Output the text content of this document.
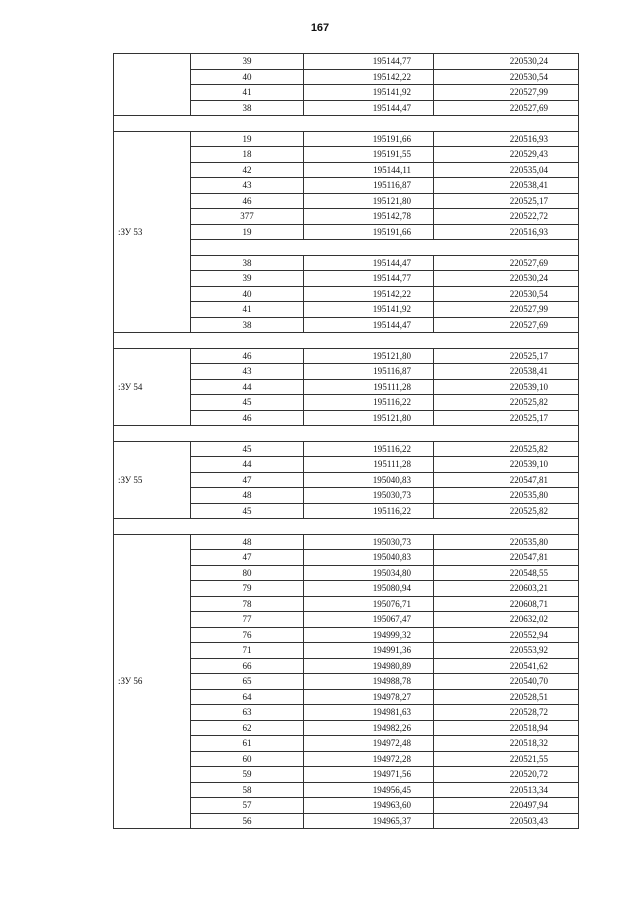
167
	39	195144,77	220530,24
	40	195142,22	220530,54
	41	195141,92	220527,99
	38	195144,47	220527,69

:ЗУ 53	19	195191,66	220516,93
	18	195191,55	220529,43
	42	195144,11	220535,04
	43	195116,87	220538,41
	46	195121,80	220525,17
	377	195142,78	220522,72
	19	195191,66	220516,93

	38	195144,47	220527,69
	39	195144,77	220530,24
	40	195142,22	220530,54
	41	195141,92	220527,99
	38	195144,47	220527,69

:ЗУ 54	46	195121,80	220525,17
	43	195116,87	220538,41
	44	195111,28	220539,10
	45	195116,22	220525,82
	46	195121,80	220525,17

:ЗУ 55	45	195116,22	220525,82
	44	195111,28	220539,10
	47	195040,83	220547,81
	48	195030,73	220535,80
	45	195116,22	220525,82

:ЗУ 56	48	195030,73	220535,80
	47	195040,83	220547,81
	80	195034,80	220548,55
	79	195080,94	220603,21
	78	195076,71	220608,71
	77	195067,47	220632,02
	76	194999,32	220552,94
	71	194991,36	220553,92
	66	194980,89	220541,62
	65	194988,78	220540,70
	64	194978,27	220528,51
	63	194981,63	220528,72
	62	194982,26	220518,94
	61	194972,48	220518,32
	60	194972,28	220521,55
	59	194971,56	220520,72
	58	194956,45	220513,34
	57	194963,60	220497,94
	56	194965,37	220503,43
